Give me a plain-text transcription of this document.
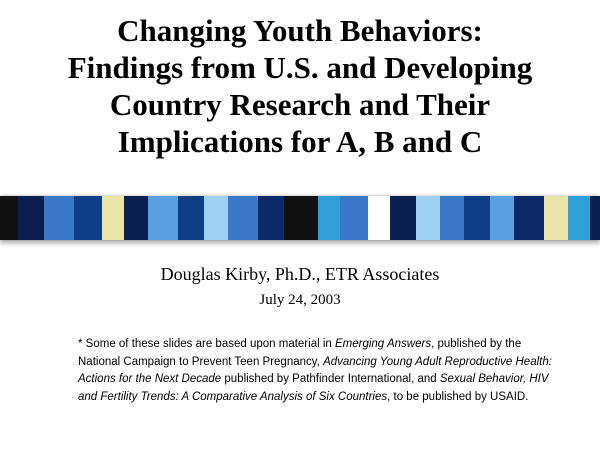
Changing Youth Behaviors:
Findings from U.S. and Developing
Country Research and Their
Implications for A, B and C
Douglas Kirby, Ph.D., ETR Associates
July 24, 2003

* Some of these slides are based upon material in Emerging Answers, published by the National Campaign to Prevent Teen Pregnancy, Advancing Young Adult Reproductive Health: Actions for the Next Decade published by Pathfinder International, and Sexual Behavior, HIV and Fertility Trends: A Comparative Analysis of Six Countries, to be published by USAID.
